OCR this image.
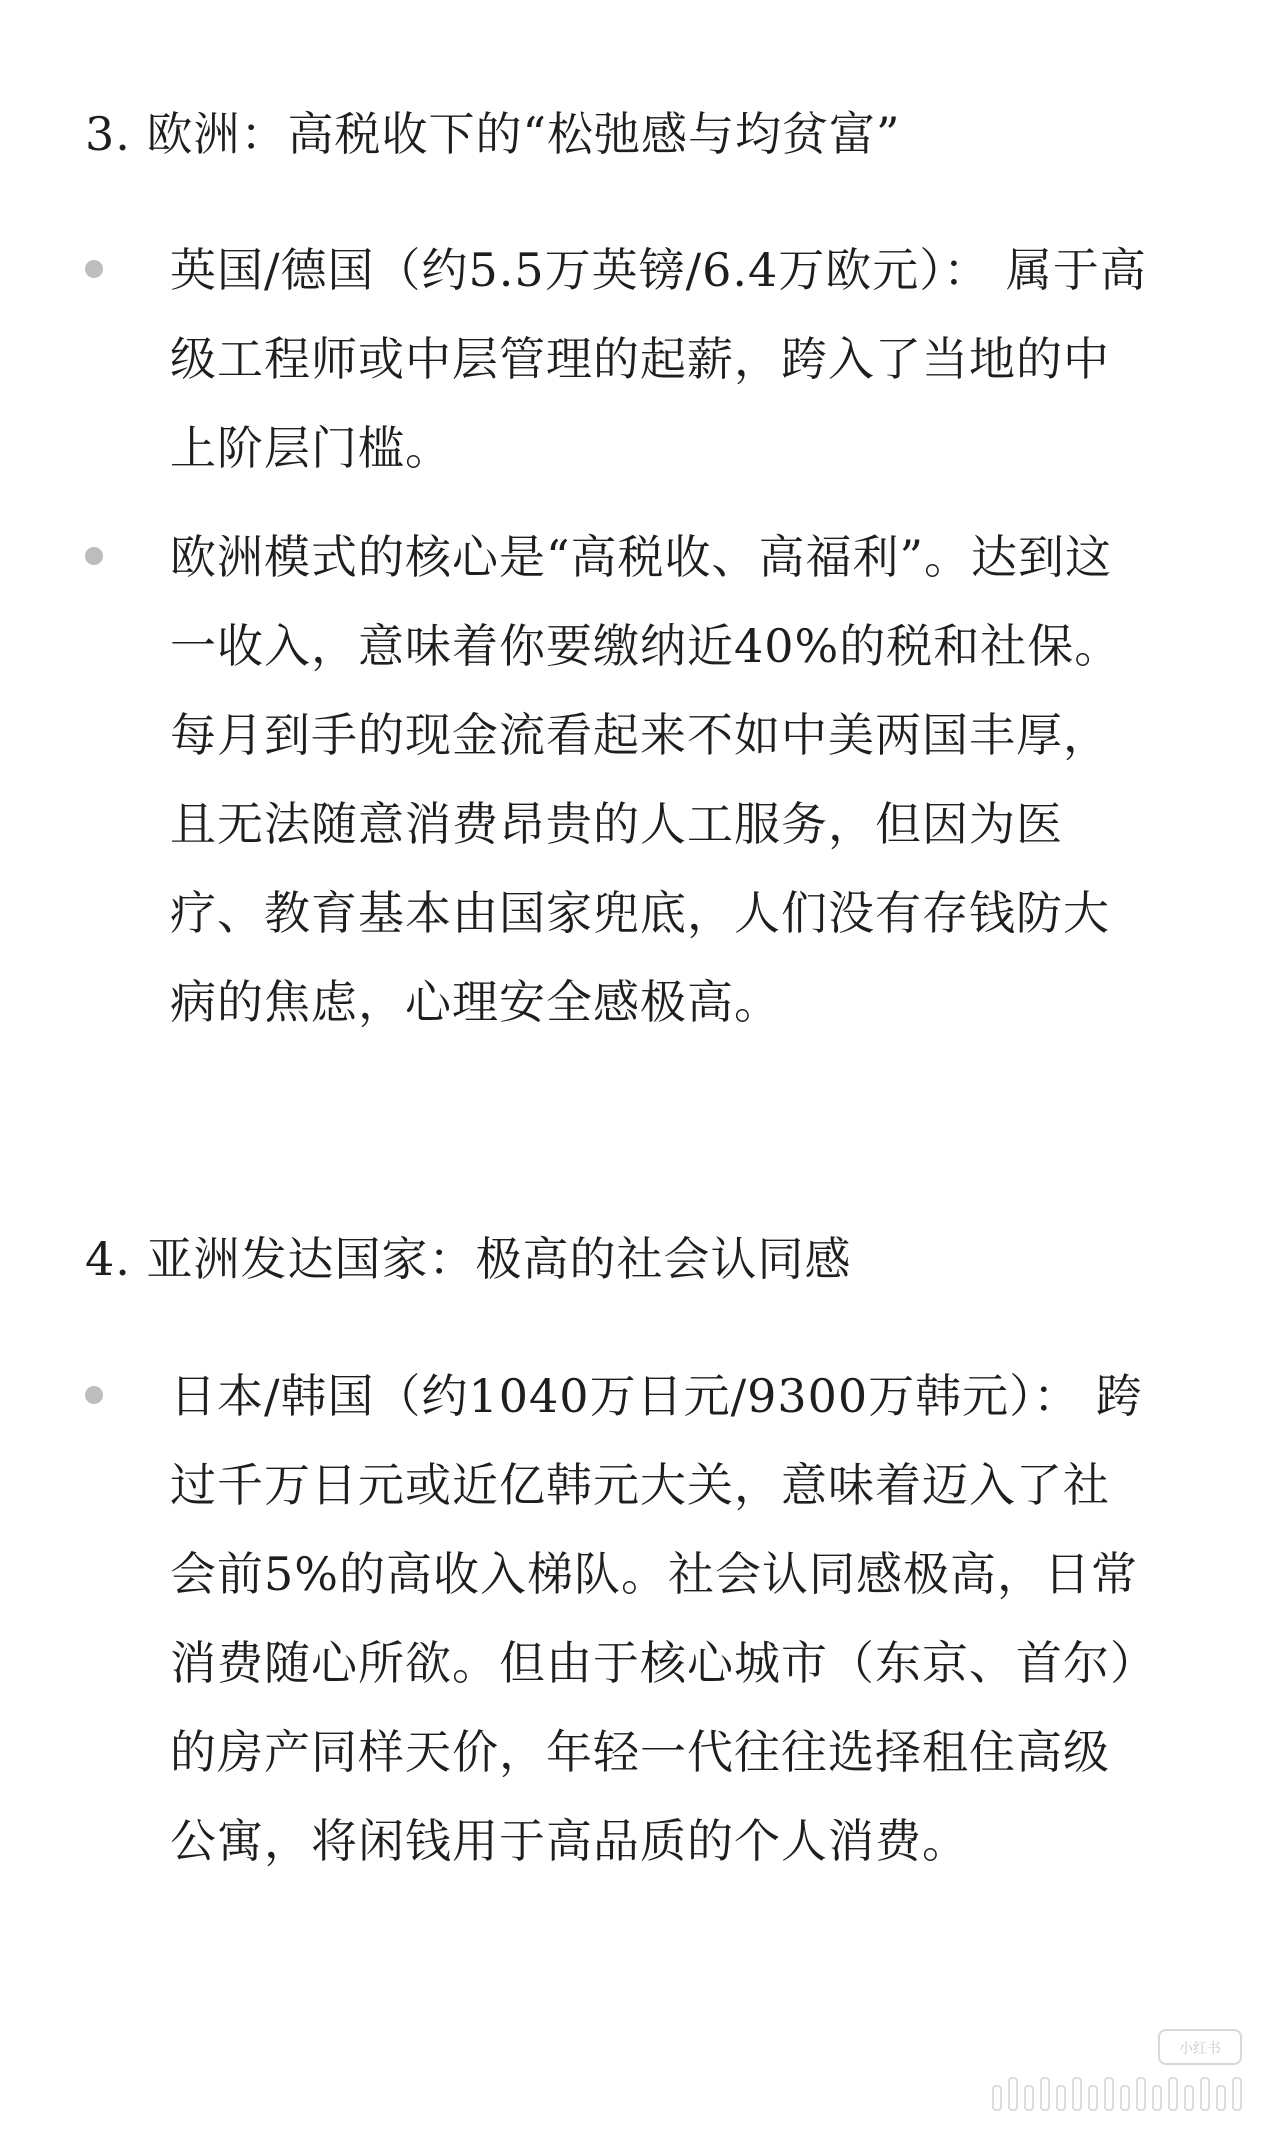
3. 欧洲：高税收下的“松弛感与均贫富”
英国/德国（约5.5万英镑/6.4万欧元）： 属于高
级工程师或中层管理的起薪，跨入了当地的中
上阶层门槛。
欧洲模式的核心是“高税收、高福利”。达到这
一收入，意味着你要缴纳近40%的税和社保。
每月到手的现金流看起来不如中美两国丰厚，
且无法随意消费昂贵的人工服务，但因为医
疗、教育基本由国家兜底，人们没有存钱防大
病的焦虑，心理安全感极高。
4. 亚洲发达国家：极高的社会认同感
日本/韩国（约1040万日元/9300万韩元）： 跨
过千万日元或近亿韩元大关，意味着迈入了社
会前5%的高收入梯队。社会认同感极高，日常
消费随心所欲。但由于核心城市（东京、首尔）
的房产同样天价，年轻一代往往选择租住高级
公寓，将闲钱用于高品质的个人消费。
小红书
